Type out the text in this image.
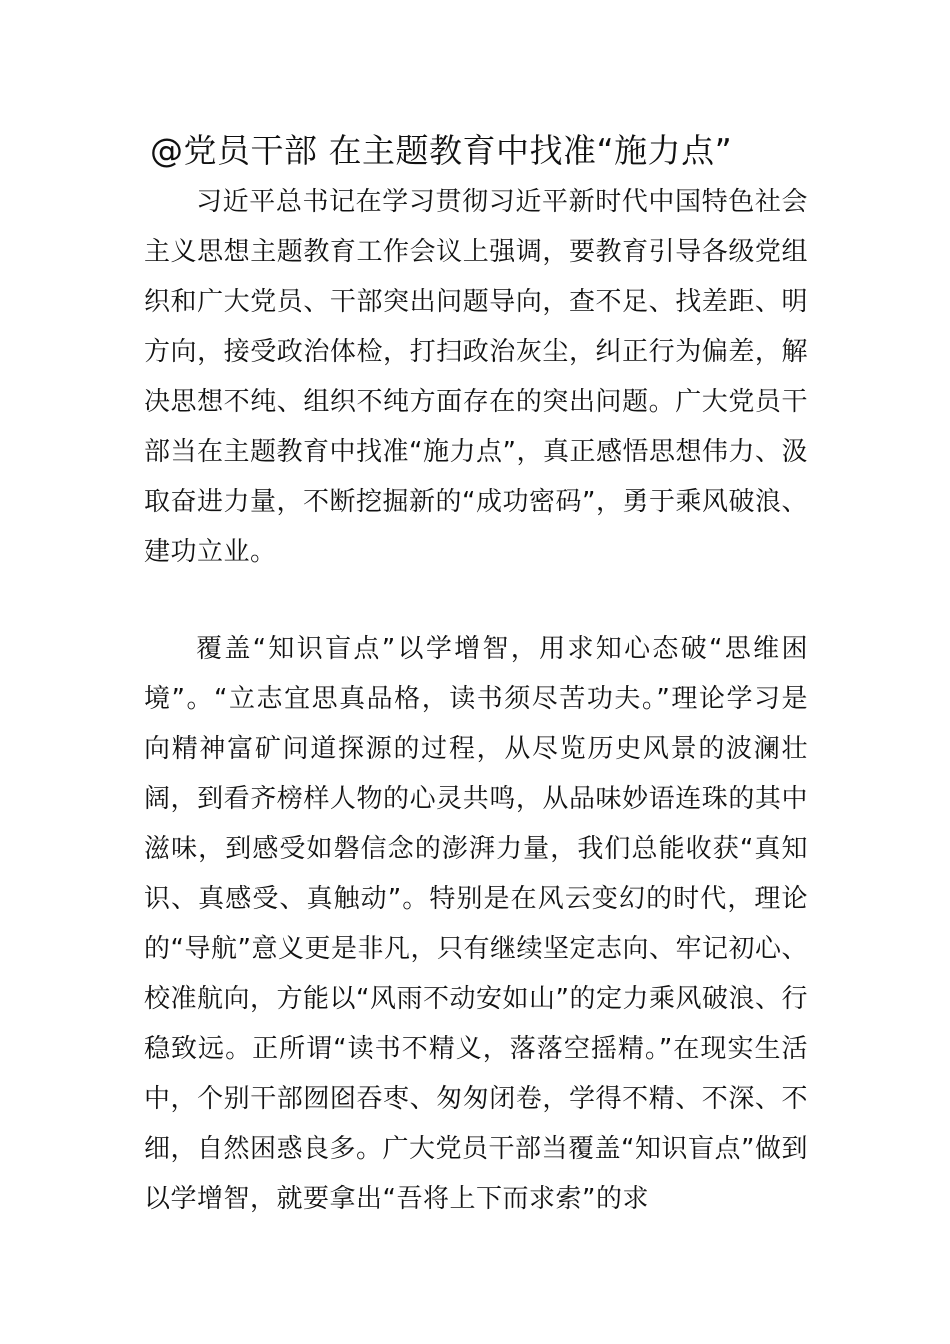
@党员干部 在主题教育中找准“施力点”

习近平总书记在学习贯彻习近平新时代中国特色社会主义思想主题教育工作会议上强调，要教育引导各级党组织和广大党员、干部突出问题导向，查不足、找差距、明方向，接受政治体检，打扫政治灰尘，纠正行为偏差，解决思想不纯、组织不纯方面存在的突出问题。广大党员干部当在主题教育中找准“施力点”，真正感悟思想伟力、汲取奋进力量，不断挖掘新的“成功密码”，勇于乘风破浪、建功立业。

覆盖“知识盲点”以学增智，用求知心态破“思维困境”。“立志宜思真品格，读书须尽苦功夫。”理论学习是向精神富矿问道探源的过程，从尽览历史风景的波澜壮阔，到看齐榜样人物的心灵共鸣，从品味妙语连珠的其中滋味，到感受如磐信念的澎湃力量，我们总能收获“真知识、真感受、真触动”。特别是在风云变幻的时代，理论的“导航”意义更是非凡，只有继续坚定志向、牢记初心、校准航向，方能以“风雨不动安如山”的定力乘风破浪、行稳致远。正所谓“读书不精义，落落空摇精。”在现实生活中，个别干部囫囵吞枣、匆匆闭卷，学得不精、不深、不细，自然困惑良多。广大党员干部当覆盖“知识盲点”做到以学增智，就要拿出“吾将上下而求索”的求
